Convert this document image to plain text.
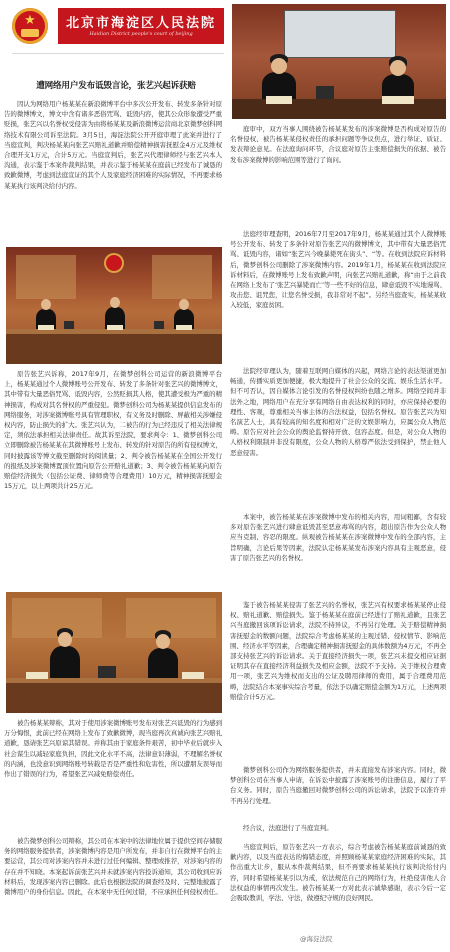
★	北京市海淀区人民法院
Haidian District people's court of beijing
遭网络用户发布诋毁言论，张艺兴起诉获赔

因认为网络用户杨某某在新浪微博平台中多次公开发布、转发多条针对原告的微博博文，博文中含有诸多恶俗咒骂、诋毁内容，使其公众形象遭受严重贬损，张艺兴以名誉权受侵害为由将杨某某及新浪微博运营商北京微梦创科网络技术有限公司诉至法院。3月5日，海淀法院公开开庭审理了此案并进行了当庭宣判，判决杨某某向张艺兴赔礼道歉并赔偿精神损害抚慰金4万元及维权合理开支1万元，合计5万元。当庭宣判后，张艺兴代理律师经与张艺兴本人沟通，表示鉴于本案件裁判结果，并表示鉴于杨某某在庭前已经发布了诚恳的致歉微博，考虑到法庭宣证的其个人及家庭经济困难的实际情况，不再要求杨某某执行该判决给付内容。

原告张艺兴诉称，2017年9月，在微梦创科公司运营的新浪微博平台上，杨某某通过个人微博账号公开发布、转发了多条针对张艺兴的微博博文，其中带有大量恶俗咒骂、诋毁内容，公然贬损其人格，使其遭受极为严重的精神损害，构成对其名誉权的严重侵犯。微梦创科公司为杨某某提供信息发布的网络服务，对涉案微博账号具有管理职权，有义务及时删除、屏蔽相关涉嫌侵权内容，防止损失的扩大。张艺兴认为，二被告的行为已经违反了相关法律规定，须依法承担相关法律责任。故其诉至法院，要求判令：1、微梦创科公司立即删除被告杨某某在其微博账号上发布、转发的针对原告的所有侵权博文，同时披露该等博文截至删除时的阅读量；2、判令被告杨某某在全国公开发行的报纸及涉案微博置顶位置向原告公开赔礼道歉；3、判令被告杨某某向原告赔偿经济损失（包括公证费、律师费等合理费用）10万元，精神损害抚慰金15万元，以上两项共计25万元。

被告杨某某辩称，其对于使用涉案微博账号发布对张艺兴诋毁的行为感到万分悔恨，此前已经在网络上发布了致歉微博，现当庭再次真诚向张艺兴赔礼道歉，恳请张艺兴原谅其错误。并称其由于家庭条件艰苦，初中毕业后就步入社会谋生以减轻家庭负担，因此文化水平不高，法律意识薄弱，不理解名誉权的内涵，也没意识到网络账号转载是否是严重性和危害性，所以遭朋友误导而作出了错误的行为，希望张艺兴减免赔偿责任。

被告微梦创科公司辩称，其公司在本案中的法律地位属于提供空间存储服务的网络服务提供者，涉案微博内容是用户所发布，并非自行在微博平台的主要运营，其公司对涉案内容并未进行过任何编辑、整理或推荐，对涉案内容的存在并不知晓。本案起诉前张艺兴并未就涉案内容投诉通知，其公司收到应诉材料后，发现涉案内容已删除。此后也根据法院的调查经及时、完整地披露了微博用户的身份信息。因此，在本案中无任何过错，不应承担任何侵权责任。

庭审中，双方当事人围绕被告杨某某发布的涉案微博是否构成对原告的名誉侵权、被告杨某某侵权责任的承担问题等争议焦点，进行举证、质证、发表辩论意见。在法庭询问环节，合议庭对原告主张赔偿损失的依据、被告发布涉案微博的影响范围等进行了询问。

法庭经审理查明，2016年7月至2017年9月，杨某某通过其个人微博账号公开发布、转发了多条针对原告张艺兴的微博博文，其中带有大量恶俗咒骂、诋毁内容，诸如“张艺兴今晚暴毙死在街头”、“等。在收到法院应诉材料后，微梦创科公司删除了涉案微博内容。2019年1月，杨某某在收到法院应诉材料后，在微博账号上发布致歉声明，向张艺兴赔礼道歉，称“由于之前我在网络上发布了‘张艺兴暴毙而亡’等一些不好的信息，肆意诋毁不实地谩骂、攻击您、诅咒您，让您名誉受损，我非常对不起”。另经当庭查实，杨某某收入较低，家庭贫困。

法院经审理认为，随着互联网自媒体的兴起，网络言论的表达渠道更加畅通，传播实质更加便捷，极大地提升了社会公众的交流、娱乐生活水平。但不可否认，因自媒体言论引发的名誉侵权纠纷也随之增多。网络空间并非法外之地，网络用户在充分享有网络自由表达权利的同时，亦应保持必要的理性、客观，尊重相关当事主体的合法权益，包括名誉权。原告张艺兴为知名演艺人士，具有较高的知名度和相对广泛的文娱影响力，应属公众人物范畴。原告应对社会公众的舆论监督持开放、包容态度。但是，对公众人物的人格权利限制并非没有限度，公众人物的人格尊严依法受到保护，禁止他人恶意侵害。

本案中，被告杨某某在涉案微博中发布的相关内容，用词粗鄙，含有较多对原告张艺兴进行肆意诋毁甚至恶意毒骂的内容，超出原告作为公众人物应当克制、容忍的限度。纵观被告杨某某在涉案微博中发布的全部内容，主旨明确，言论后果等因素，法院认定杨某某发布涉案内容具有主观恶意，侵害了原告张艺兴的名誉权。

鉴于被告杨某某侵害了张艺兴的名誉权，张艺兴有权要求杨某某停止侵权、赔礼道歉、赔偿损失。鉴于杨某某在庭前已经进行了赔礼道歉，且张艺兴当庭撤回该项诉讼请求，法院不持异议，不再另行处理。关于赔偿精神损害抚慰金的数额问题，法院综合考虑杨某某的主观过错、侵权情节、影响范围、经济水平等因素，合理确定精神损害抚慰金的具体数额为4万元，不再全部支持张艺兴的诉讼请求。关于直接经济损失一项，张艺兴未提交相应证据证明其存在直接经济利益损失及相应金额，法院不予支持。关于维权合理费用一项，张艺兴为维权而支出的公证及聘用律师的费用，属于合理费用范畴，法院结合本案事实综合考量，依法予以确定赔偿金额为1万元，上述两项赔偿合计5万元。

微梦创科公司作为网络服务提供者，并未直接发布涉案内容。同时，微梦创科公司在当事人申请，在诉讼中披露了涉案账号的注册信息，履行了平台义务。同时，原告当庭撤回对微梦创科公司的诉讼请求，法院予以准许并不再另行处理。

经合议，法庭进行了当庭宣判。

当庭宣判后，原告张艺兴一方表示，综合考虑被告杨某某庭前诚恳的致歉内容，以及当庭表达的悔错态度，并照顾杨某某家庭经济困难的实际，其作出重大让步，服从本件裁判结果，但不再要求杨某某执行该判决给付内容，同时希望杨某某引以为戒，依法规范自己的网络行为，杜绝侵害他人合法权益的事情再次发生。被告杨某某一方对此表示诚挚感谢，表示今后一定会吸取教训，学法、守法，做遵纪守规的良好网民。

@海淀法院
